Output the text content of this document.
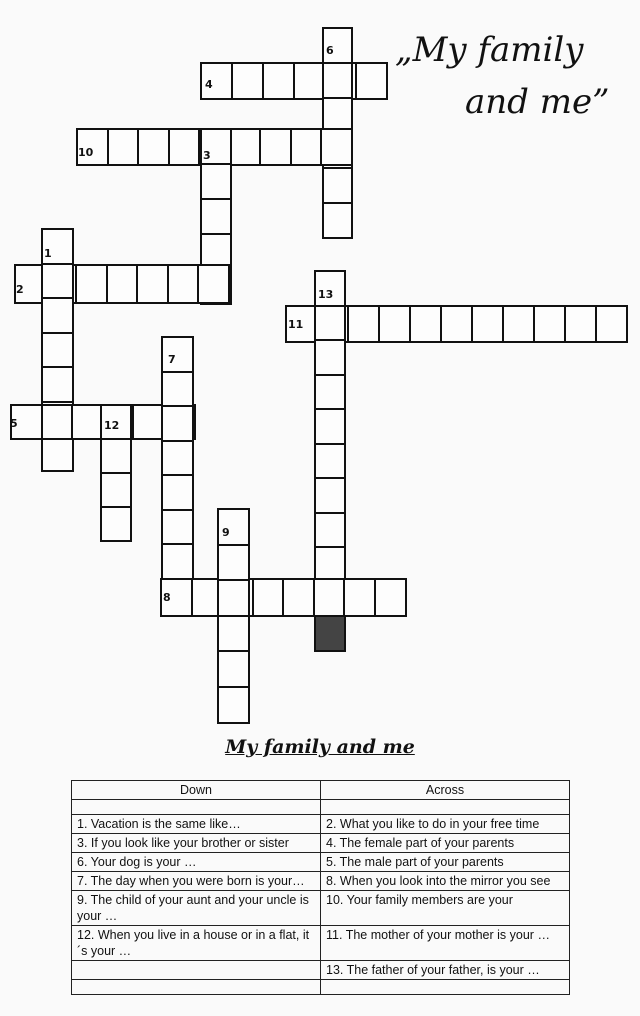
1
2
3
4
5
6
7
8
9
10
11
12
13
„My family
and me”
My family and me
Down	Across

1. Vacation is the same like…	2. What you like to do in your free time
3. If you look like your brother or sister	4. The female part of your parents
6. Your dog is your …	5. The male part of your parents
7. The day when you were born is your…	8. When you look into the mirror you see
9. The child of your aunt and your uncle is your …	10. Your family members are your
12. When you live in a house or in a flat, it´s your …	11. The mother of your mother is your …
	13. The father of your father, is your …
